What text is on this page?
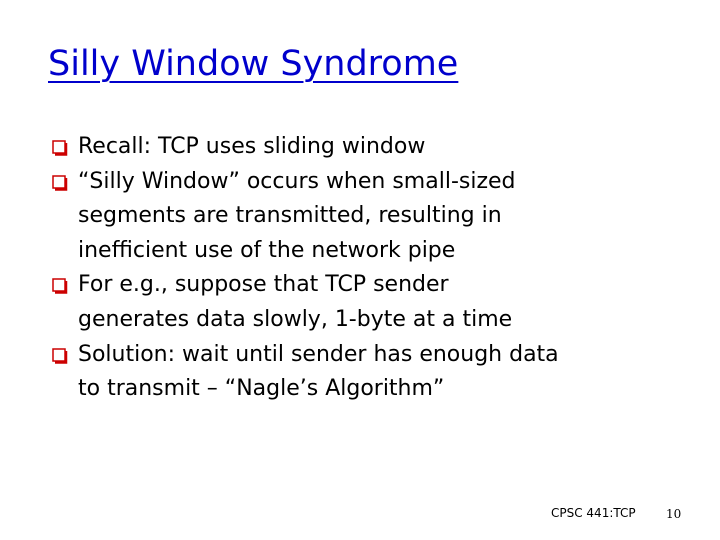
Silly Window Syndrome
Recall: TCP uses sliding window
“Silly Window” occurs when small-sized
segments are transmitted, resulting in
inefficient use of the network pipe
For e.g., suppose that TCP sender
generates data slowly, 1-byte at a time
Solution: wait until sender has enough data
to transmit – “Nagle’s Algorithm”
CPSC 441:TCP	10
